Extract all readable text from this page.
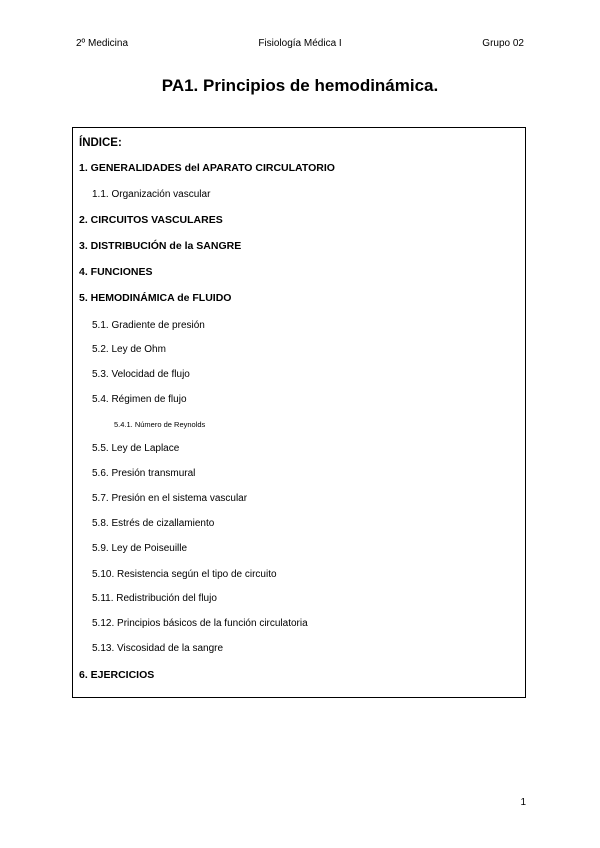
2º Medicina	Fisiología Médica I	Grupo 02
PA1. Principios de hemodinámica.
ÍNDICE:
1. GENERALIDADES del APARATO CIRCULATORIO
1.1. Organización vascular
2. CIRCUITOS VASCULARES
3. DISTRIBUCIÓN de la SANGRE
4. FUNCIONES
5. HEMODINÁMICA de FLUIDO
5.1. Gradiente de presión
5.2. Ley de Ohm
5.3. Velocidad de flujo
5.4. Régimen de flujo
5.4.1. Número de Reynolds
5.5. Ley de Laplace
5.6. Presión transmural
5.7. Presión en el sistema vascular
5.8. Estrés de cizallamiento
5.9. Ley de Poiseuille
5.10. Resistencia según el tipo de circuito
5.11. Redistribución del flujo
5.12. Principios básicos de la función circulatoria
5.13. Viscosidad de la sangre
6. EJERCICIOS
1
